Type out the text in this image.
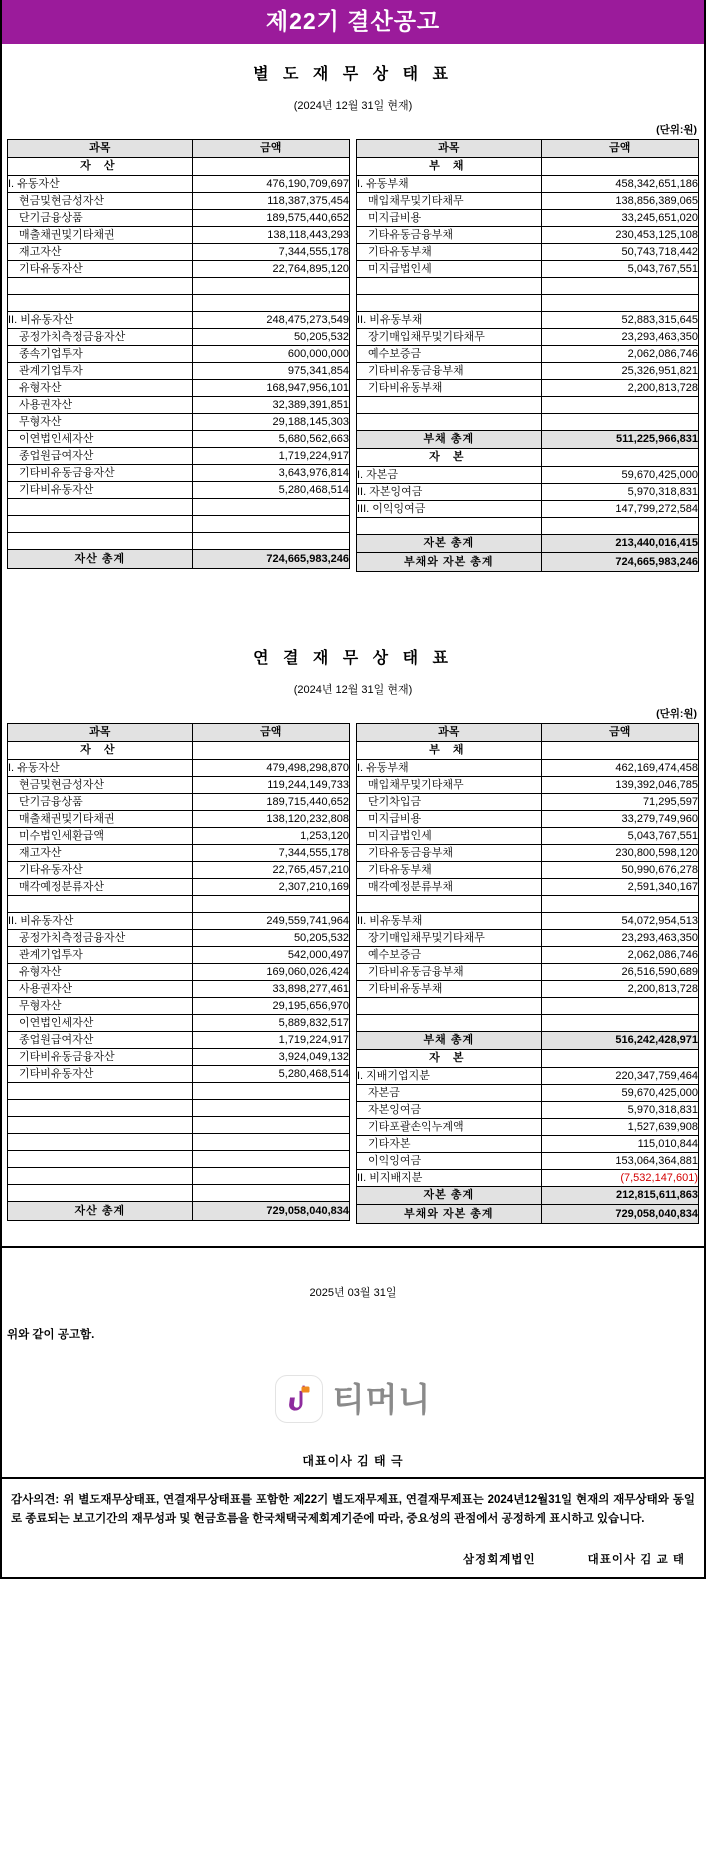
제22기 결산공고
별 도 재 무 상 태 표
(2024년 12월 31일 현재)
(단위:원)
과목	금액
자 산	
I. 유동자산	476,190,709,697
현금및현금성자산	118,387,375,454
단기금융상품	189,575,440,652
매출채권및기타채권	138,118,443,293
재고자산	7,344,555,178
기타유동자산	22,764,895,120

II. 비유동자산	248,475,273,549
공정가치측정금융자산	50,205,532
종속기업투자	600,000,000
관계기업투자	975,341,854
유형자산	168,947,956,101
사용권자산	32,389,391,851
무형자산	29,188,145,303
이연법인세자산	5,680,562,663
종업원급여자산	1,719,224,917
기타비유동금융자산	3,643,976,814
기타비유동자산	5,280,468,514

자산 총계	724,665,983,246
과목	금액
부 채	
I. 유동부채	458,342,651,186
매입채무및기타채무	138,856,389,065
미지급비용	33,245,651,020
기타유동금융부채	230,453,125,108
기타유동부채	50,743,718,442
미지급법인세	5,043,767,551

II. 비유동부채	52,883,315,645
장기매입채무및기타채무	23,293,463,350
예수보증금	2,062,086,746
기타비유동금융부채	25,326,951,821
기타비유동부채	2,200,813,728

부채 총계	511,225,966,831
자 본	
I. 자본금	59,670,425,000
II. 자본잉여금	5,970,318,831
III. 이익잉여금	147,799,272,584

자본 총계	213,440,016,415
부채와 자본 총계	724,665,983,246
연 결 재 무 상 태 표
(2024년 12월 31일 현재)
(단위:원)
과목	금액
자 산	
I. 유동자산	479,498,298,870
현금및현금성자산	119,244,149,733
단기금융상품	189,715,440,652
매출채권및기타채권	138,120,232,808
미수법인세환급액	1,253,120
재고자산	7,344,555,178
기타유동자산	22,765,457,210
매각예정분류자산	2,307,210,169

II. 비유동자산	249,559,741,964
공정가치측정금융자산	50,205,532
관계기업투자	542,000,497
유형자산	169,060,026,424
사용권자산	33,898,277,461
무형자산	29,195,656,970
이연법인세자산	5,889,832,517
종업원급여자산	1,719,224,917
기타비유동금융자산	3,924,049,132
기타비유동자산	5,280,468,514

자산 총계	729,058,040,834
과목	금액
부 채	
I. 유동부채	462,169,474,458
매입채무및기타채무	139,392,046,785
단기차입금	71,295,597
미지급비용	33,279,749,960
미지급법인세	5,043,767,551
기타유동금융부채	230,800,598,120
기타유동부채	50,990,676,278
매각예정분류부채	2,591,340,167

II. 비유동부채	54,072,954,513
장기매입채무및기타채무	23,293,463,350
예수보증금	2,062,086,746
기타비유동금융부채	26,516,590,689
기타비유동부채	2,200,813,728

부채 총계	516,242,428,971
자 본	
I. 지배기업지분	220,347,759,464
자본금	59,670,425,000
자본잉여금	5,970,318,831
기타포괄손익누계액	1,527,639,908
기타자본	115,010,844
이익잉여금	153,064,364,881
II. 비지배지분	(7,532,147,601)
자본 총계	212,815,611,863
부채와 자본 총계	729,058,040,834
2025년 03월 31일
위와 같이 공고함.
티머니
대표이사 김 태 극
감사의견: 위 별도재무상태표, 연결재무상태표를 포함한 제22기 별도재무제표, 연결재무제표는 2024년12월31일 현재의 재무상태와 동일로 종료되는 보고기간의 재무성과 및 현금흐름을 한국채택국제회계기준에 따라, 중요성의 관점에서 공정하게 표시하고 있습니다.
삼정회계법인	대표이사 김 교 태
